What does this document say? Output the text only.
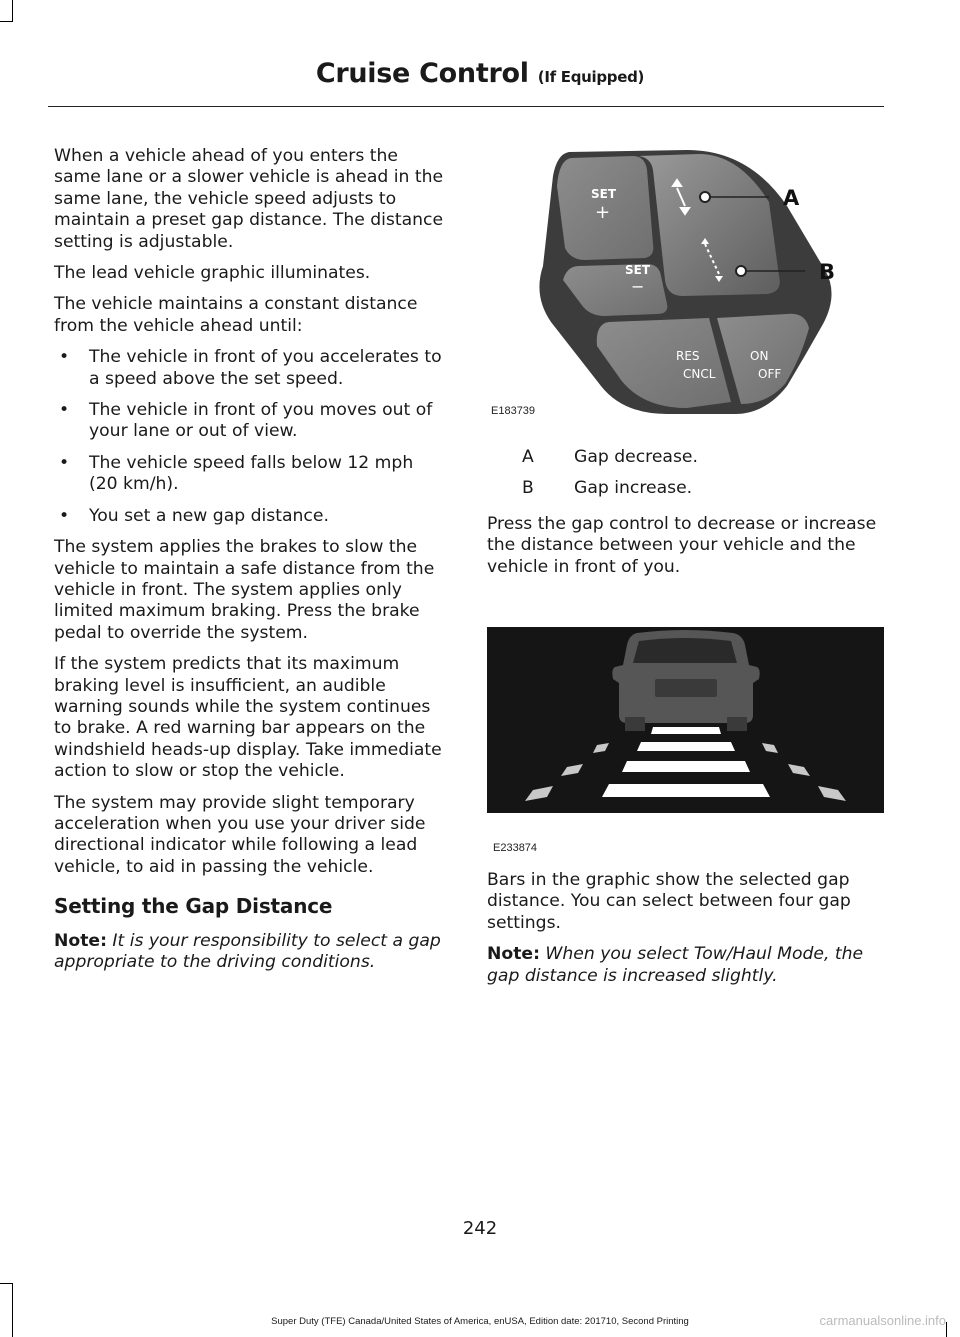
Cruise Control (If Equipped)

When a vehicle ahead of you enters the same lane or a slower vehicle is ahead in the same lane, the vehicle speed adjusts to maintain a preset gap distance. The distance setting is adjustable.

The lead vehicle graphic illuminates.

The vehicle maintains a constant distance from the vehicle ahead until:

• The vehicle in front of you accelerates to a speed above the set speed.
• The vehicle in front of you moves out of your lane or out of view.
• The vehicle speed falls below 12 mph (20 km/h).
• You set a new gap distance.

The system applies the brakes to slow the vehicle to maintain a safe distance from the vehicle in front. The system applies only limited maximum braking. Press the brake pedal to override the system.

If the system predicts that its maximum braking level is insufficient, an audible warning sounds while the system continues to brake. A red warning bar appears on the windshield heads-up display. Take immediate action to slow or stop the vehicle.

The system may provide slight temporary acceleration when you use your driver side directional indicator while following a lead vehicle, to aid in passing the vehicle.

Setting the Gap Distance

Note: It is your responsibility to select a gap appropriate to the driving conditions.

SET
+
SET
−
RES
CNCL
ON
OFF
A
B
E183739
A	Gap decrease.
B	Gap increase.

Press the gap control to decrease or increase the distance between your vehicle and the vehicle in front of you.

E233874

Bars in the graphic show the selected gap distance. You can select between four gap settings.

Note: When you select Tow/Haul Mode, the gap distance is increased slightly.

242
Super Duty (TFE) Canada/United States of America, enUSA, Edition date: 201710, Second Printing	carmanualsonline.info
